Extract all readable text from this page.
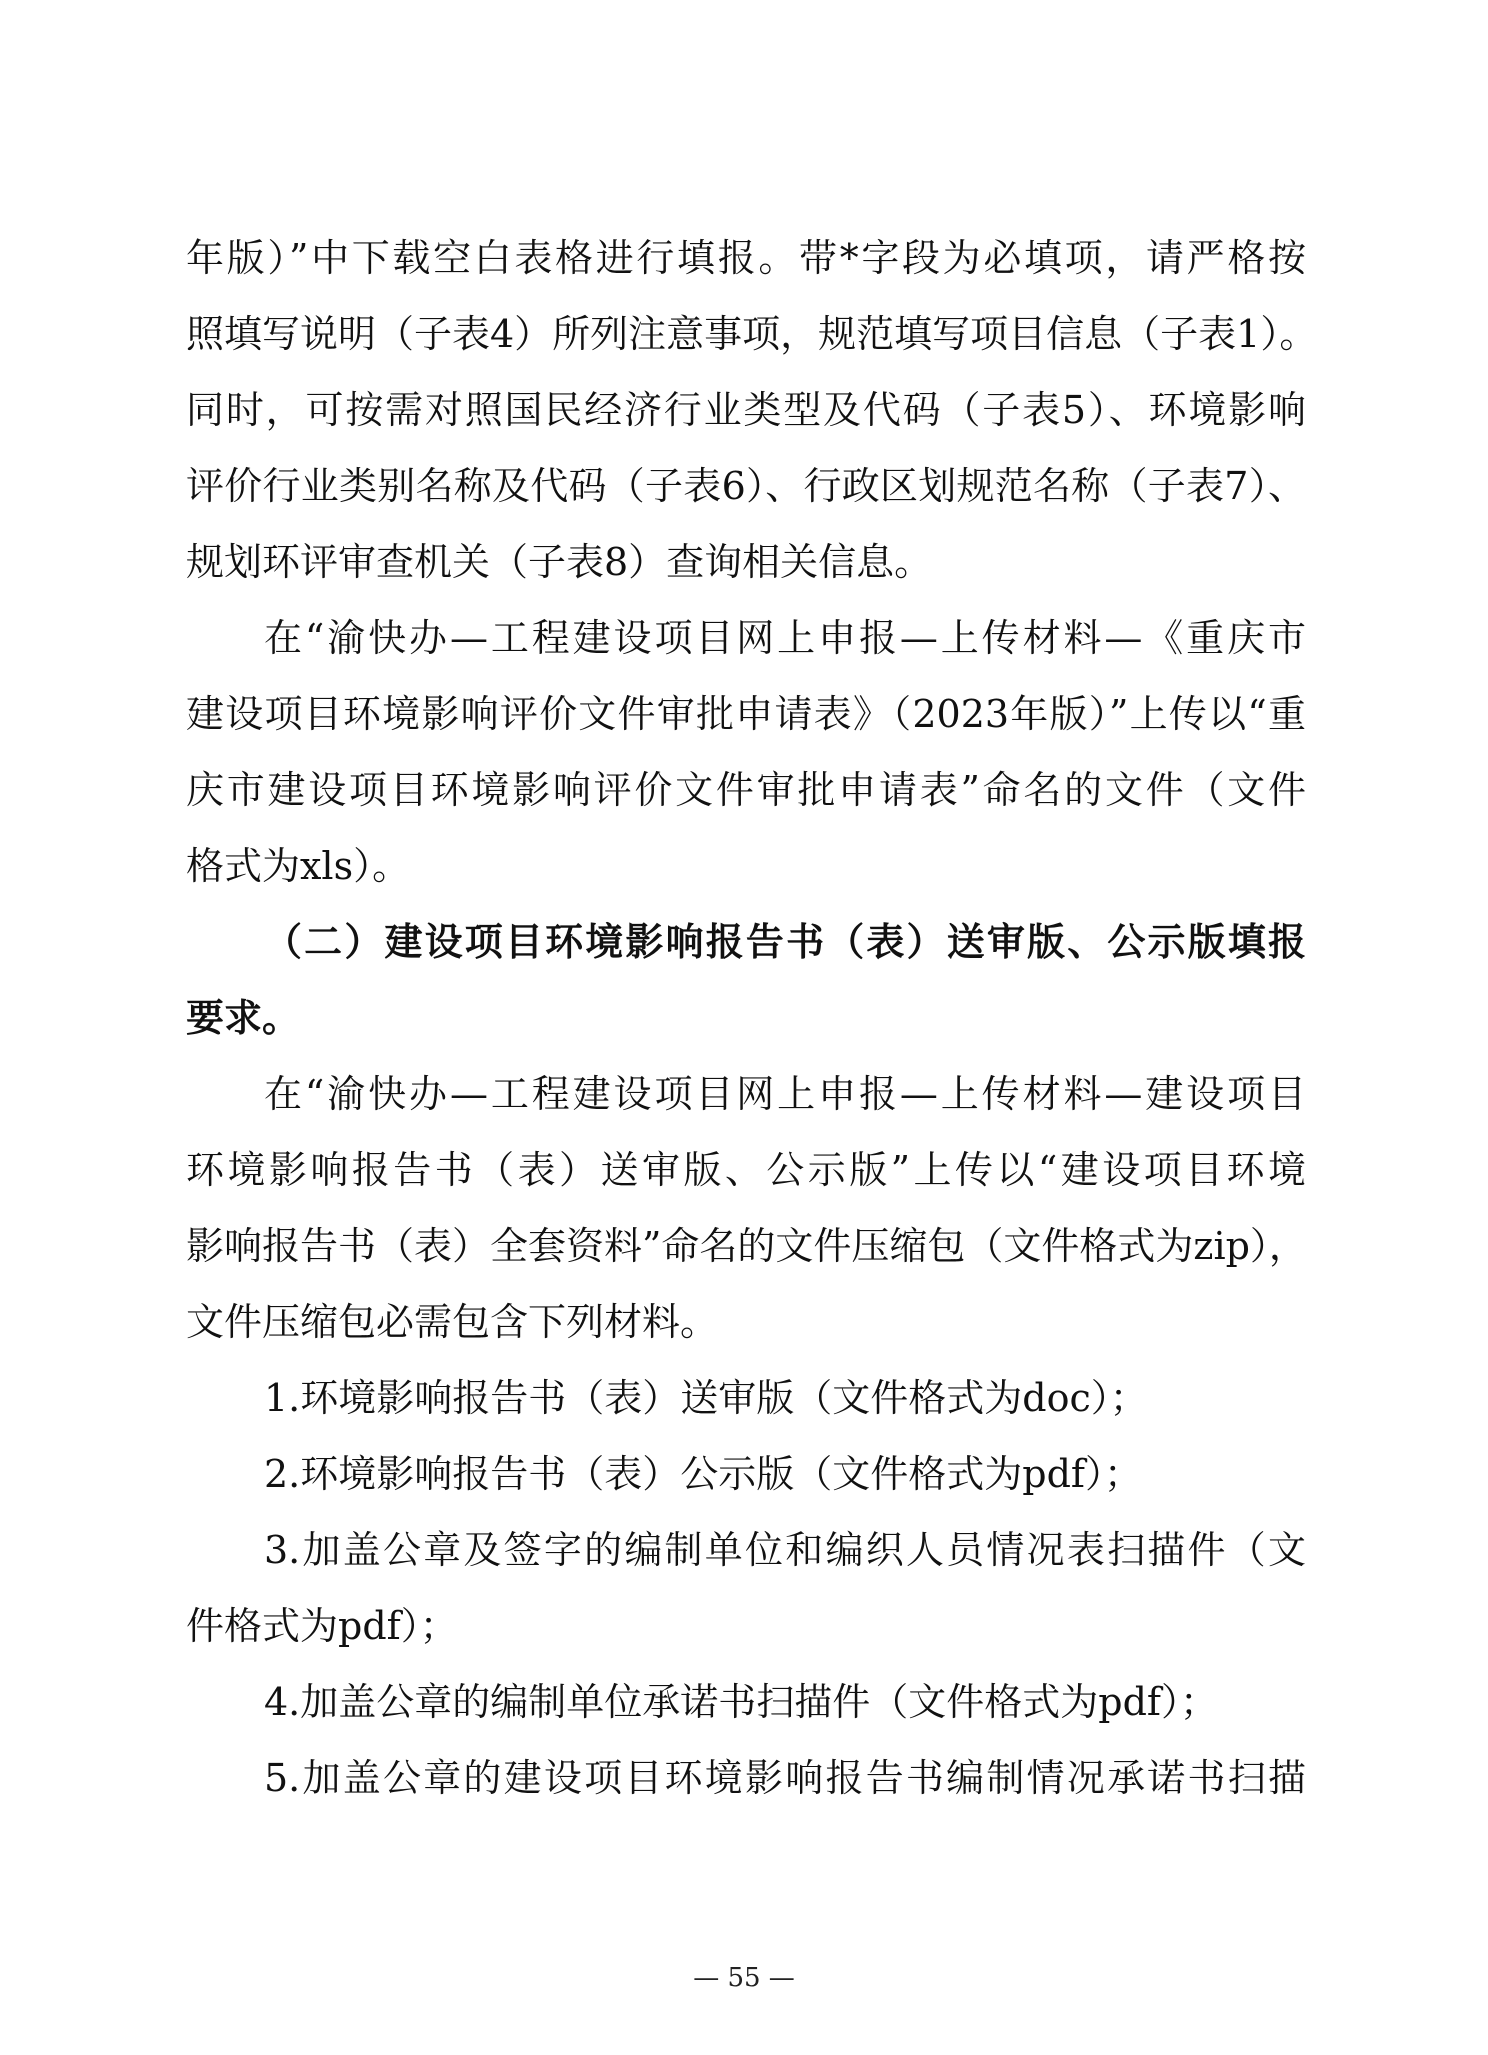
年版）”中下载空白表格进行填报。带*字段为必填项，请严格按
照填写说明（子表4）所列注意事项，规范填写项目信息（子表1）。
同时，可按需对照国民经济行业类型及代码（子表5）、环境影响
评价行业类别名称及代码（子表6）、行政区划规范名称（子表7）、
规划环评审查机关（子表8）查询相关信息。
在“渝快办—工程建设项目网上申报—上传材料—《重庆市
建设项目环境影响评价文件审批申请表》（2023年版）”上传以“重
庆市建设项目环境影响评价文件审批申请表”命名的文件（文件
格式为xls）。
（二）建设项目环境影响报告书（表）送审版、公示版填报
要求。
在“渝快办—工程建设项目网上申报—上传材料—建设项目
环境影响报告书（表）送审版、公示版”上传以“建设项目环境
影响报告书（表）全套资料”命名的文件压缩包（文件格式为zip），
文件压缩包必需包含下列材料。
1.环境影响报告书（表）送审版（文件格式为doc）；
2.环境影响报告书（表）公示版（文件格式为pdf）；
3.加盖公章及签字的编制单位和编织人员情况表扫描件（文
件格式为pdf）；
4.加盖公章的编制单位承诺书扫描件（文件格式为pdf）；
5.加盖公章的建设项目环境影响报告书编制情况承诺书扫描
— 55 —
